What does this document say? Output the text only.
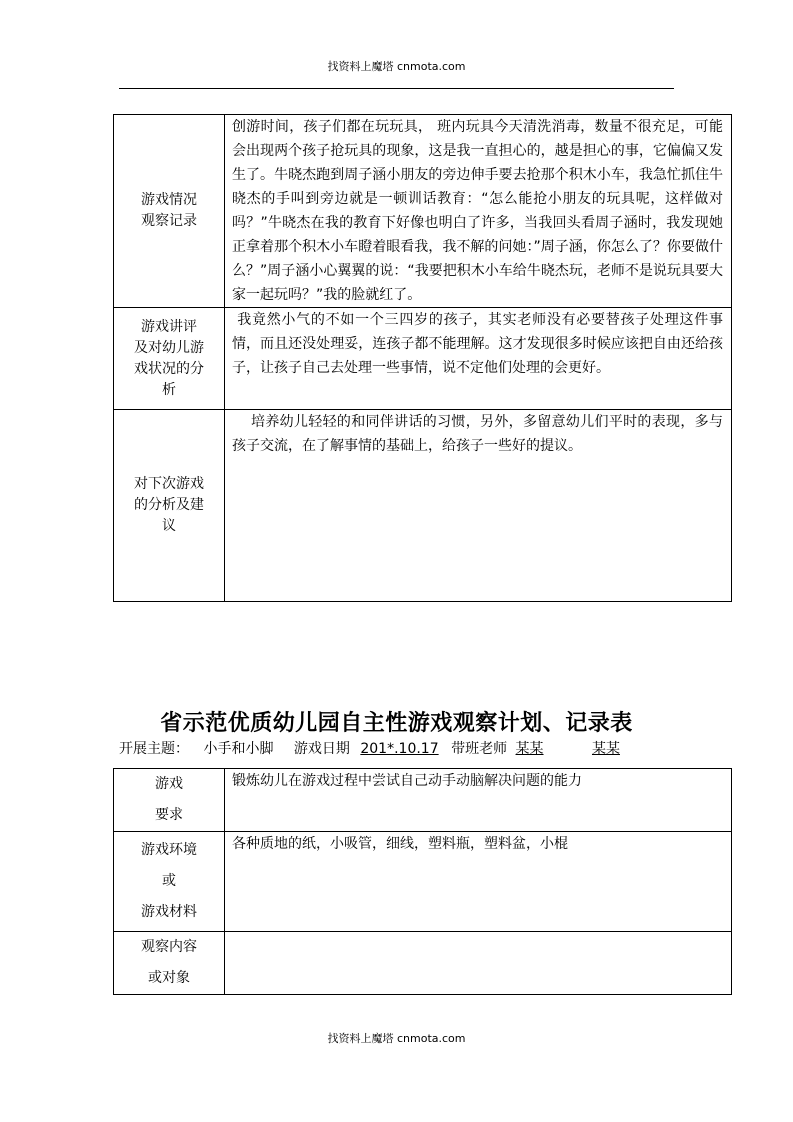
找资料上魔塔 cnmota.com
游戏情况
观察记录	创游时间，孩子们都在玩玩具， 班内玩具今天清洗消毒，数量不很充足，可能会出现两个孩子抢玩具的现象，这是我一直担心的，越是担心的事，它偏偏又发生了。牛晓杰跑到周子涵小朋友的旁边伸手要去抢那个积木小车，我急忙抓住牛晓杰的手叫到旁边就是一顿训话教育：“怎么能抢小朋友的玩具呢，这样做对吗？”牛晓杰在我的教育下好像也明白了许多，当我回头看周子涵时，我发现她正拿着那个积木小车瞪着眼看我，我不解的问她：”周子涵，你怎么了？你要做什么？”周子涵小心翼翼的说：“我要把积木小车给牛晓杰玩，老师不是说玩具要大家一起玩吗？”我的脸就红了。
游戏讲评
及对幼儿游
戏状况的分
析	我竟然小气的不如一个三四岁的孩子，其实老师没有必要替孩子处理这件事情，而且还没处理妥，连孩子都不能理解。这才发现很多时候应该把自由还给孩子，让孩子自己去处理一些事情，说不定他们处理的会更好。
对下次游戏
的分析及建
议	培养幼儿轻轻的和同伴讲话的习惯，另外，多留意幼儿们平时的表现，多与孩子交流，在了解事情的基础上，给孩子一些好的提议。
省示范优质幼儿园自主性游戏观察计划、记录表
开展主题： 小手和小脚 游戏日期 201*.10.17 带班老师 某某	某某
游戏
要求	锻炼幼儿在游戏过程中尝试自己动手动脑解决问题的能力
游戏环境
或
游戏材料	各种质地的纸，小吸管，细线，塑料瓶，塑料盆，小棍
观察内容
或对象	
找资料上魔塔 cnmota.com
